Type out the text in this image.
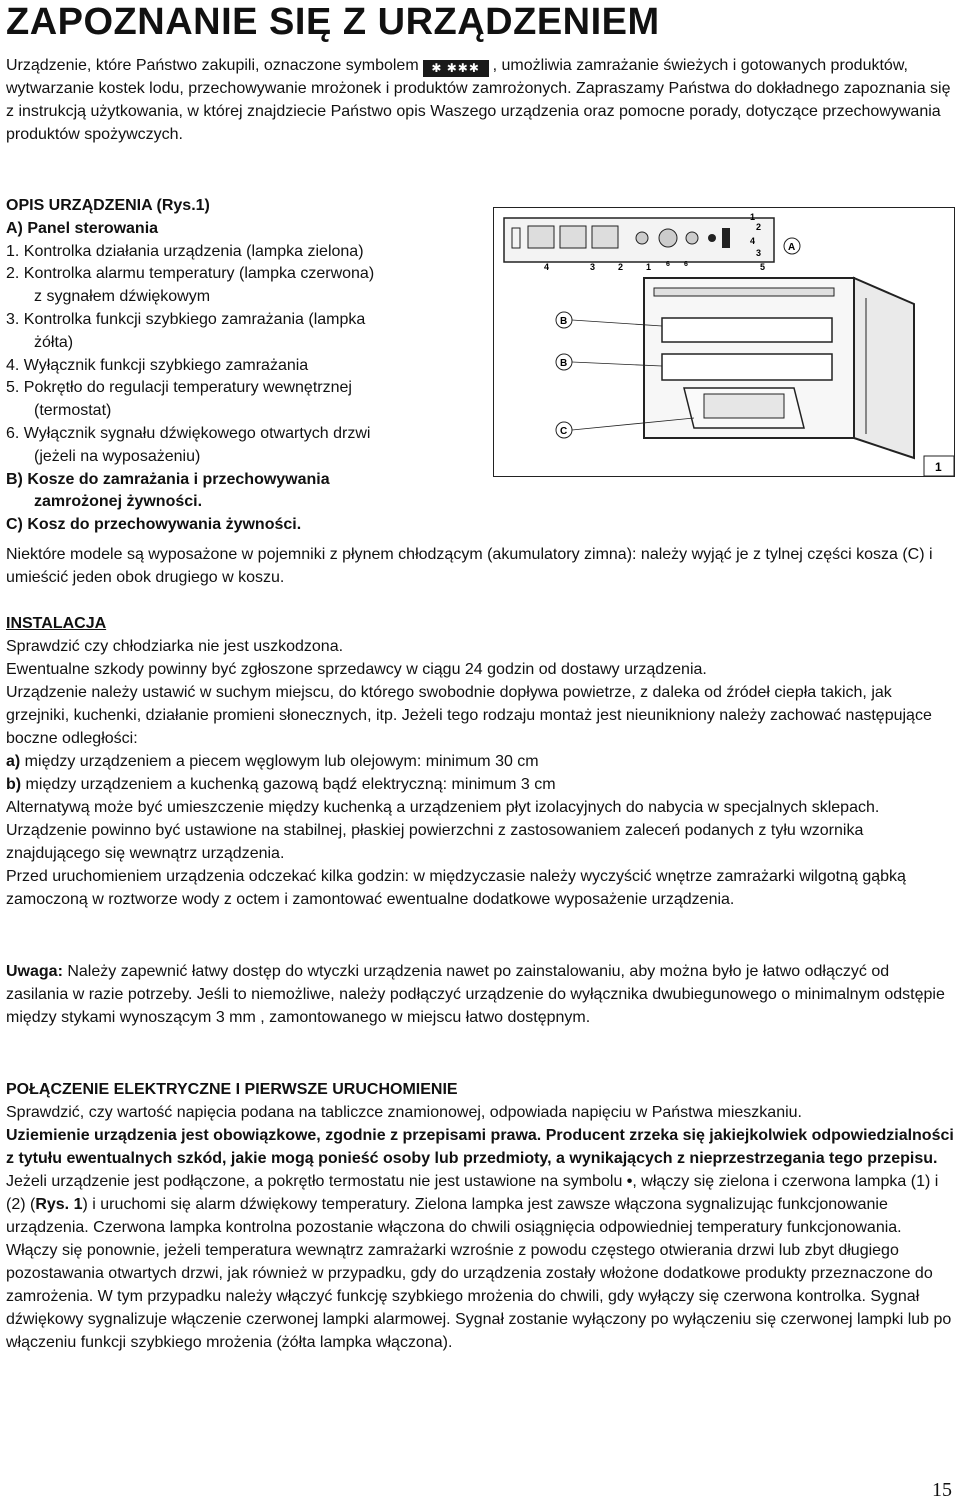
ZAPOZNANIE SIĘ Z URZĄDZENIEM

Urządzenie, które Państwo zakupili, oznaczone symbolem ✱ ✱✱✱ , umożliwia zamrażanie świeżych i gotowanych produktów, wytwarzanie kostek lodu, przechowywanie mrożonek i produktów zamrożonych. Zapraszamy Państwa do dokładnego zapoznania się z instrukcją użytkowania, w której znajdziecie Państwo opis Waszego urządzenia oraz pomocne porady, dotyczące przechowywania produktów spożywczych.

OPIS URZĄDZENIA (Rys.1)
A) Panel sterowania
1. Kontrolka działania urządzenia (lampka zielona)
2. Kontrolka alarmu temperatury (lampka czerwona)
z sygnałem dźwiękowym
3. Kontrolka funkcji szybkiego zamrażania (lampka
żółta)
4. Wyłącznik funkcji szybkiego zamrażania
5. Pokrętło do regulacji temperatury wewnętrznej
(termostat)
6. Wyłącznik sygnału dźwiękowego otwartych drzwi
(jeżeli na wyposażeniu)
B) Kosze do zamrażania i przechowywania
zamrożonej żywności.
C) Kosz do przechowywania żywności.
4	3	2	1 6 6
1
2
3
4
5
A
B
B
C
1
Niektóre modele są wyposażone w pojemniki z płynem chłodzącym (akumulatory zimna): należy wyjąć je z tylnej części kosza (C) i umieścić jeden obok drugiego w koszu.
INSTALACJA
Sprawdzić czy chłodziarka nie jest uszkodzona.
Ewentualne szkody powinny być zgłoszone sprzedawcy w ciągu 24 godzin od dostawy urządzenia.
Urządzenie należy ustawić w suchym miejscu, do którego swobodnie dopływa powietrze, z daleka od źródeł ciepła takich, jak grzejniki, kuchenki, działanie promieni słonecznych, itp. Jeżeli tego rodzaju montaż jest nieunikniony należy zachować następujące boczne odległości:
a) między urządzeniem a piecem węglowym lub olejowym: minimum 30 cm
b) między urządzeniem a kuchenką gazową bądź elektryczną: minimum 3 cm
Alternatywą może być umieszczenie między kuchenką a urządzeniem płyt izolacyjnych do nabycia w specjalnych sklepach. Urządzenie powinno być ustawione na stabilnej, płaskiej powierzchni z zastosowaniem zaleceń podanych z tyłu wzornika znajdującego się wewnątrz urządzenia.
Przed uruchomieniem urządzenia odczekać kilka godzin: w międzyczasie należy wyczyścić wnętrze zamrażarki wilgotną gąbką zamoczoną w roztworze wody z octem i zamontować ewentualne dodatkowe wyposażenie urządzenia.
Uwaga: Należy zapewnić łatwy dostęp do wtyczki urządzenia nawet po zainstalowaniu, aby można było je łatwo odłączyć od zasilania w razie potrzeby. Jeśli to niemożliwe, należy podłączyć urządzenie do wyłącznika dwubiegunowego o minimalnym odstępie między stykami wynoszącym 3 mm , zamontowanego w miejscu łatwo dostępnym.
POŁĄCZENIE ELEKTRYCZNE I PIERWSZE URUCHOMIENIE
Sprawdzić, czy wartość napięcia podana na tabliczce znamionowej, odpowiada napięciu w Państwa mieszkaniu.
Uziemienie urządzenia jest obowiązkowe, zgodnie z przepisami prawa. Producent zrzeka się jakiejkolwiek odpowiedzialności z tytułu ewentualnych szkód, jakie mogą ponieść osoby lub przedmioty, a wynikających z nieprzestrzegania tego przepisu.
Jeżeli urządzenie jest podłączone, a pokrętło termostatu nie jest ustawione na symbolu •, włączy się zielona i czerwona lampka (1) i (2) (Rys. 1) i uruchomi się alarm dźwiękowy temperatury. Zielona lampka jest zawsze włączona sygnalizując funkcjonowanie urządzenia. Czerwona lampka kontrolna pozostanie włączona do chwili osiągnięcia odpowiedniej temperatury funkcjonowania. Włączy się ponownie, jeżeli temperatura wewnątrz zamrażarki wzrośnie z powodu częstego otwierania drzwi lub zbyt długiego pozostawania otwartych drzwi, jak również w przypadku, gdy do urządzenia zostały włożone dodatkowe produkty przeznaczone do zamrożenia. W tym przypadku należy włączyć funkcję szybkiego mrożenia do chwili, gdy wyłączy się czerwona kontrolka. Sygnał dźwiękowy sygnalizuje włączenie czerwonej lampki alarmowej. Sygnał zostanie wyłączony po wyłączeniu się czerwonej lampki lub po włączeniu funkcji szybkiego mrożenia (żółta lampka włączona).
15
